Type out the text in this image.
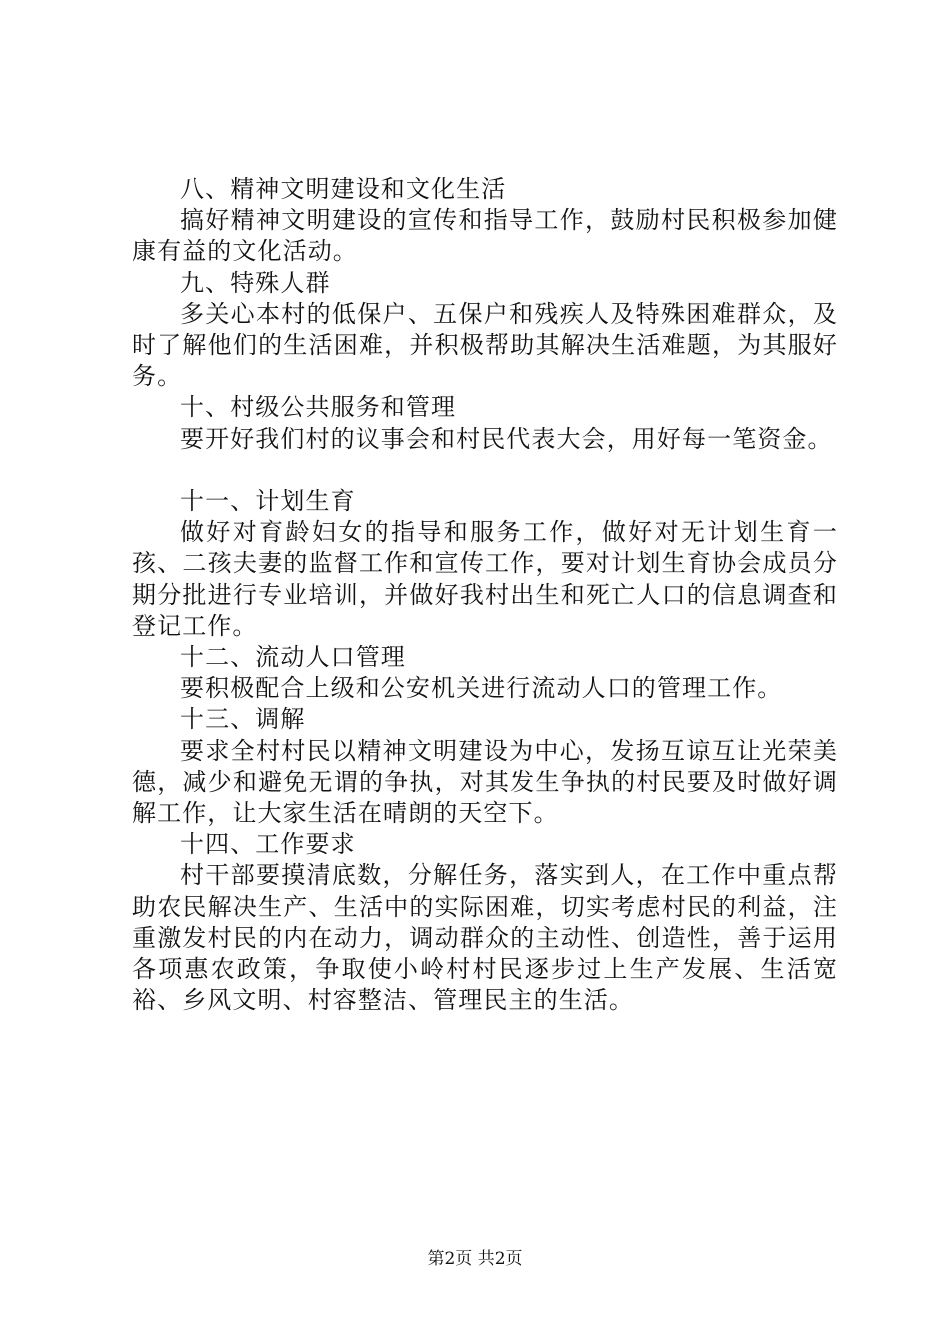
八、精神文明建设和文化生活

搞好精神文明建设的宣传和指导工作，鼓励村民积极参加健康有益的文化活动。

九、特殊人群

多关心本村的低保户、五保户和残疾人及特殊困难群众，及时了解他们的生活困难，并积极帮助其解决生活难题，为其服好务。

十、村级公共服务和管理

要开好我们村的议事会和村民代表大会，用好每一笔资金。

十一、计划生育

做好对育龄妇女的指导和服务工作，做好对无计划生育一孩、二孩夫妻的监督工作和宣传工作，要对计划生育协会成员分期分批进行专业培训，并做好我村出生和死亡人口的信息调查和登记工作。

十二、流动人口管理

要积极配合上级和公安机关进行流动人口的管理工作。

十三、调解

要求全村村民以精神文明建设为中心，发扬互谅互让光荣美德，减少和避免无谓的争执，对其发生争执的村民要及时做好调解工作，让大家生活在晴朗的天空下。

十四、工作要求

村干部要摸清底数，分解任务，落实到人，在工作中重点帮助农民解决生产、生活中的实际困难，切实考虑村民的利益，注重激发村民的内在动力，调动群众的主动性、创造性，善于运用各项惠农政策，争取使小岭村村民逐步过上生产发展、生活宽裕、乡风文明、村容整洁、管理民主的生活。

第2页 共2页
